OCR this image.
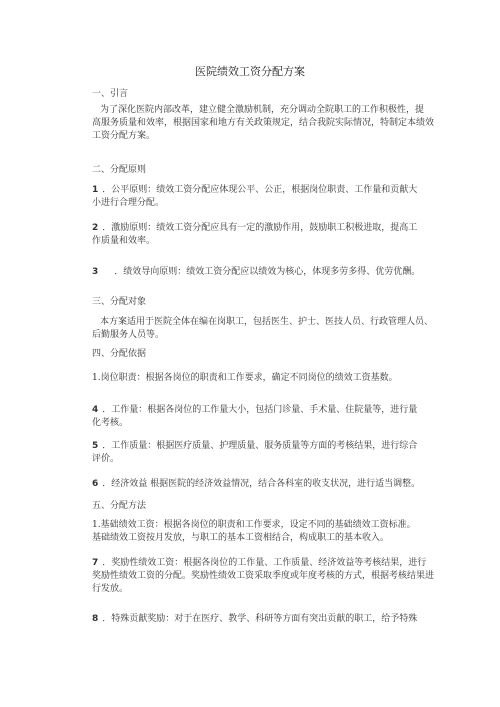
医院绩效工资分配方案
一、引言
为了深化医院内部改革，建立健全激励机制，充分调动全院职工的工作积极性，提
高服务质量和效率，根据国家和地方有关政策规定，结合我院实际情况，特制定本绩效
工资分配方案。
二、分配原则
1 ．公平原则：绩效工资分配应体现公平、公正，根据岗位职责、工作量和贡献大
小进行合理分配。
2 ．激励原则：绩效工资分配应具有一定的激励作用，鼓励职工积极进取，提高工
作质量和效率。
3 ．绩效导向原则：绩效工资分配应以绩效为核心，体现多劳多得、优劳优酬。
三、分配对象
本方案适用于医院全体在编在岗职工，包括医生、护士、医技人员、行政管理人员、
后勤服务人员等。
四、分配依据
1.岗位职责：根据各岗位的职责和工作要求，确定不同岗位的绩效工资基数。
4 ．工作量：根据各岗位的工作量大小，包括门诊量、手术量、住院量等，进行量
化考核。
5 ．工作质量：根据医疗质量、护理质量、服务质量等方面的考核结果，进行综合
评价。
6 ．经济效益 根据医院的经济效益情况，结合各科室的收支状况，进行适当调整。
五、分配方法
1.基础绩效工资：根据各岗位的职责和工作要求，设定不同的基础绩效工资标准。
基础绩效工资按月发放，与职工的基本工资相结合，构成职工的基本收入。
7 ．奖励性绩效工资：根据各岗位的工作量、工作质量、经济效益等考核结果，进行
奖励性绩效工资的分配。奖励性绩效工资采取季度或年度考核的方式，根据考核结果进
行发放。
8 ．特殊贡献奖励：对于在医疗、教学、科研等方面有突出贡献的职工，给予特殊
